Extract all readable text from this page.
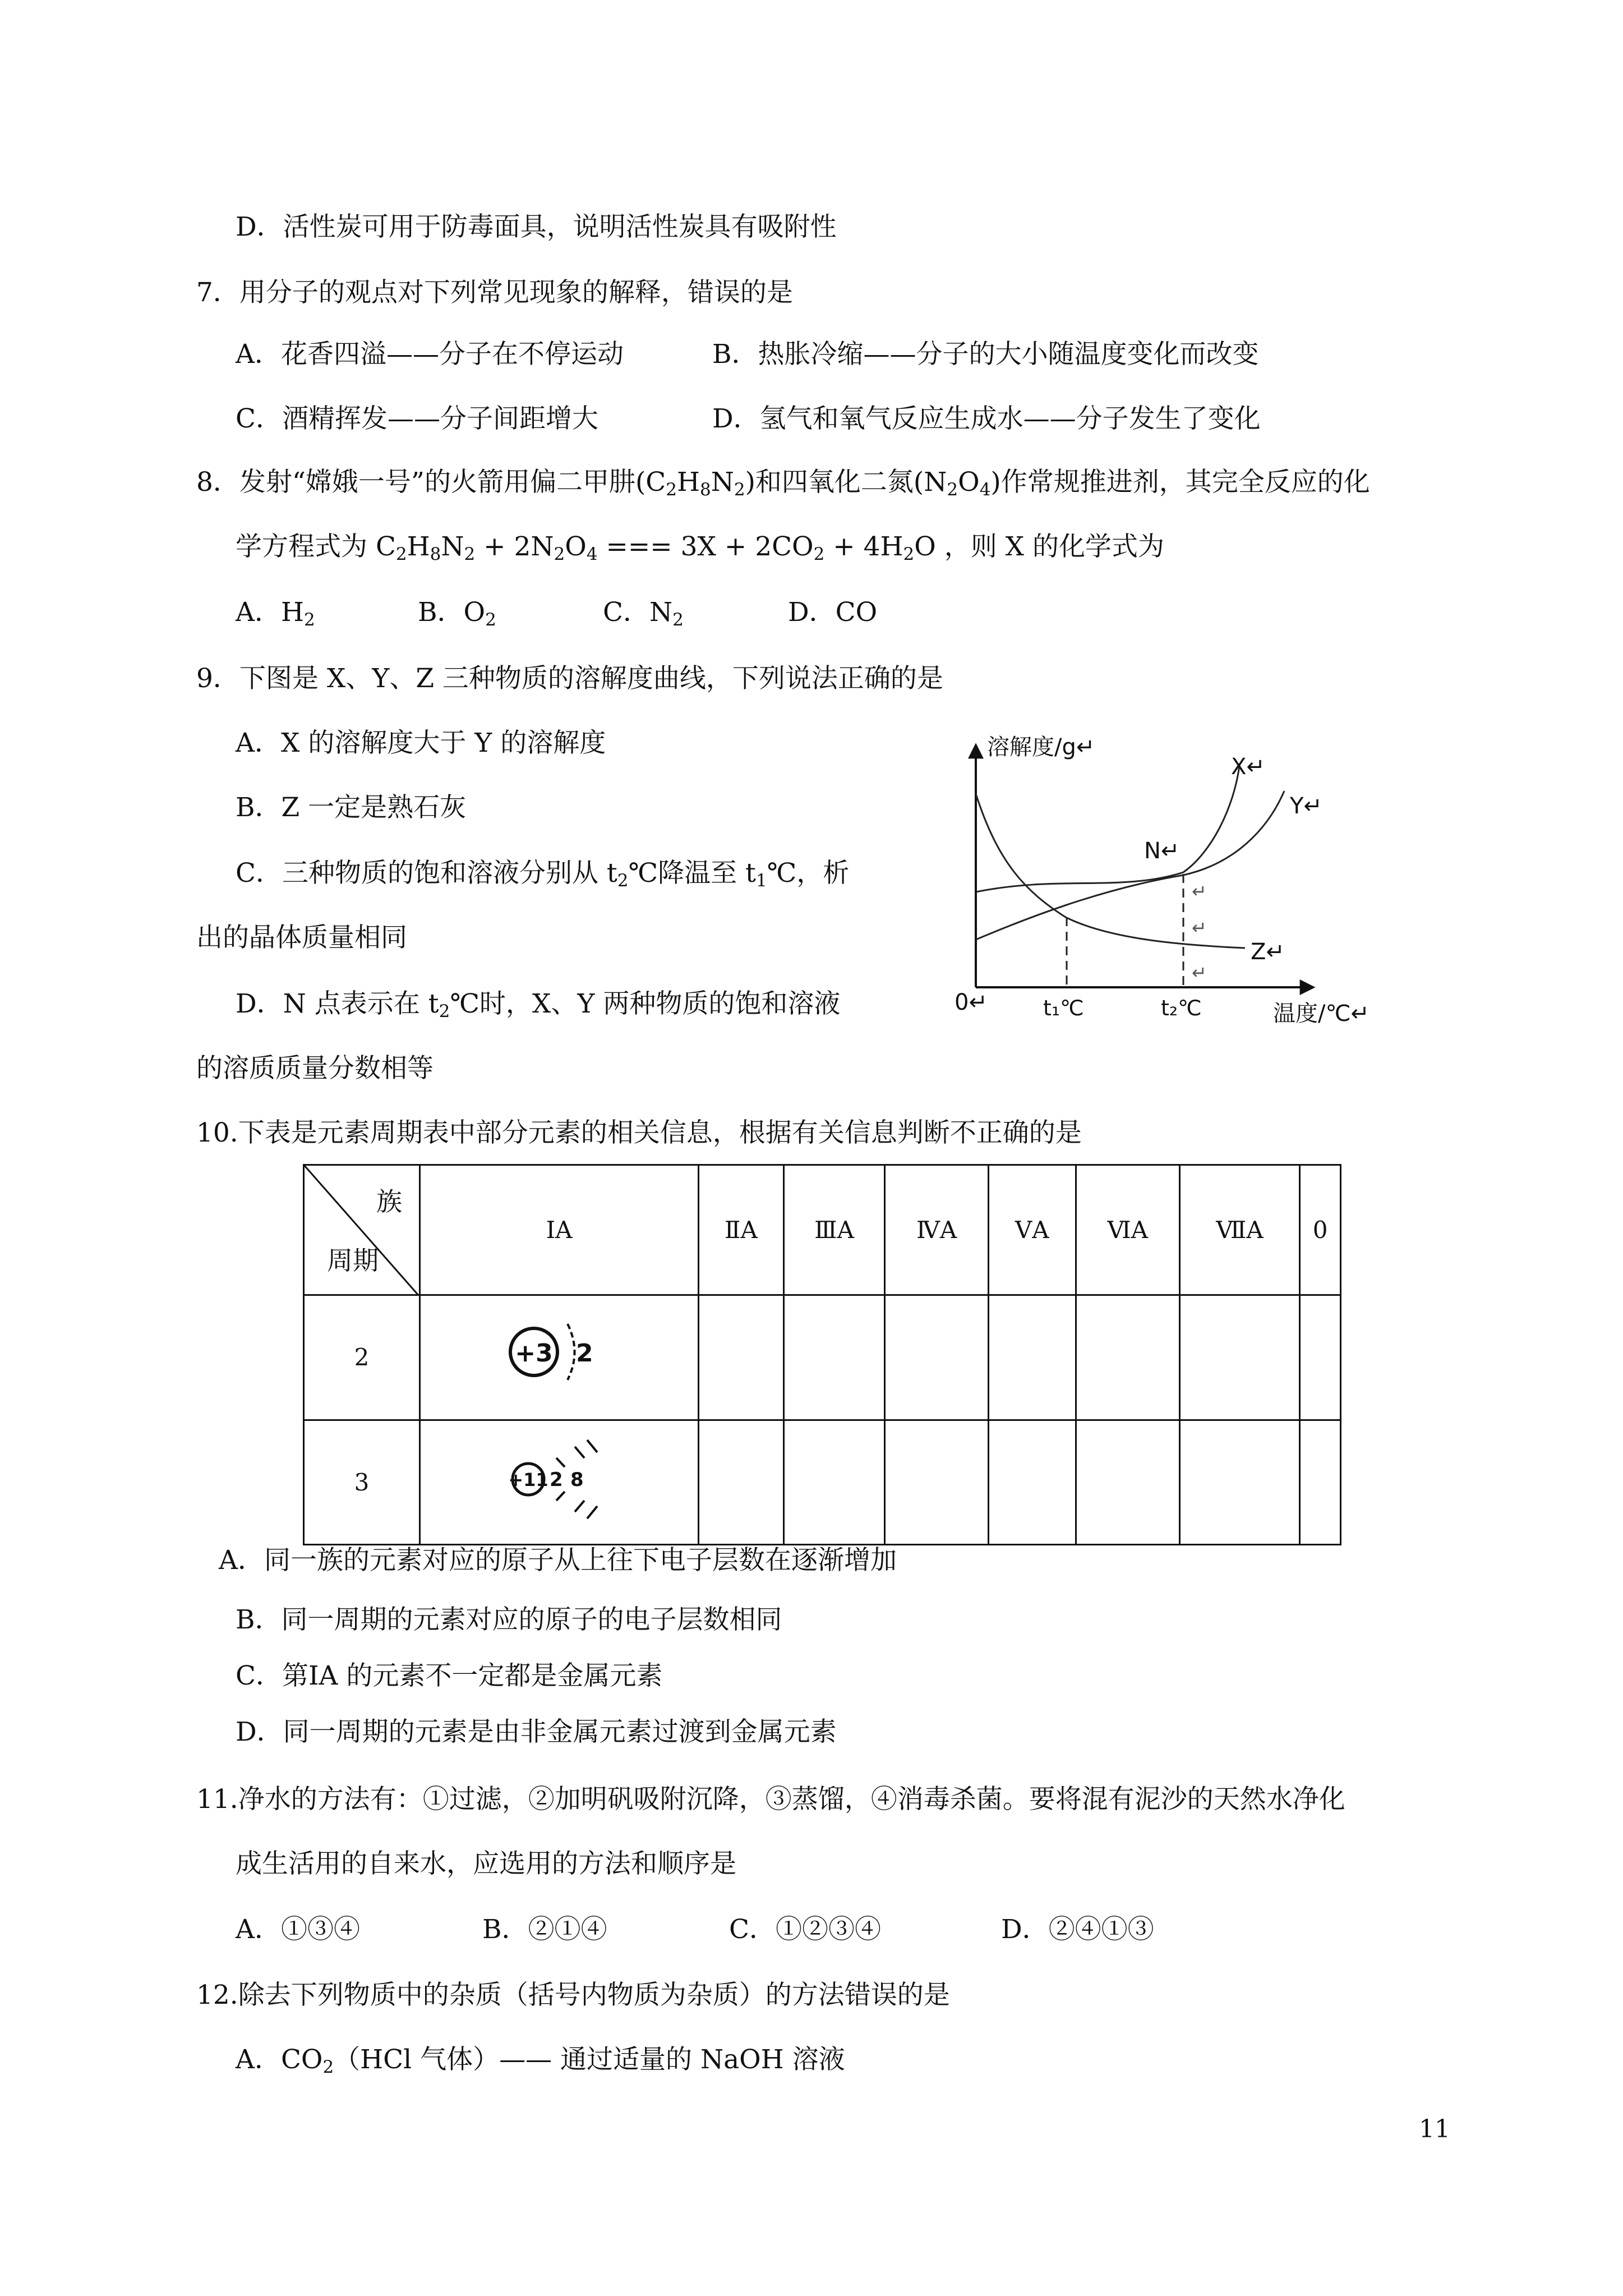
D．活性炭可用于防毒面具，说明活性炭具有吸附性
7．用分子的观点对下列常见现象的解释，错误的是
A．花香四溢——分子在不停运动	B．热胀冷缩——分子的大小随温度变化而改变
C．酒精挥发——分子间距增大	D．氢气和氧气反应生成水——分子发生了变化
8．发射“嫦娥一号”的火箭用偏二甲肼$(C_2H_8N_2)$和四氧化二氮$(N_2O_4)$作常规推进剂，其完全反应的化
学方程式为 $C_2H_8N_2 + 2N_2O_4$ === $3X + 2CO_2 + 4H_2O$ ，则 X 的化学式为
A．$H_2$	B．$O_2$	C．$N_2$	D．CO
9．下图是 X、Y、Z 三种物质的溶解度曲线，下列说法正确的是
A．X 的溶解度大于 Y 的溶解度
B．Z 一定是熟石灰
C．三种物质的饱和溶液分别从 $t_2℃$降温至 $t_1℃$，析
出的晶体质量相同
D．N 点表示在 $t_2℃$时，X、Y 两种物质的饱和溶液
的溶质质量分数相等
溶解度/g↵
温度/℃↵
0↵
X↵
Y↵
Z↵
N↵
↵
↵
↵
t₁℃	t₂℃
10.下表是元素周期表中部分元素的相关信息，根据有关信息判断不正确的是
族
周期	ⅠA	ⅡA	ⅢA	ⅣA	ⅤA	ⅥA	ⅦA	0
2	+3 2							

3	+11 2 8							

A．同一族的元素对应的原子从上往下电子层数在逐渐增加
B．同一周期的元素对应的原子的电子层数相同
C．第ⅠA 的元素不一定都是金属元素
D．同一周期的元素是由非金属元素过渡到金属元素
11.净水的方法有：①过滤，②加明矾吸附沉降，③蒸馏，④消毒杀菌。要将混有泥沙的天然水净化
成生活用的自来水，应选用的方法和顺序是
A．①③④	B．②①④	C．①②③④	D．②④①③
12.除去下列物质中的杂质（括号内物质为杂质）的方法错误的是
A．$CO_2(HCl$ 气体）—— 通过适量的 NaOH 溶液
11
